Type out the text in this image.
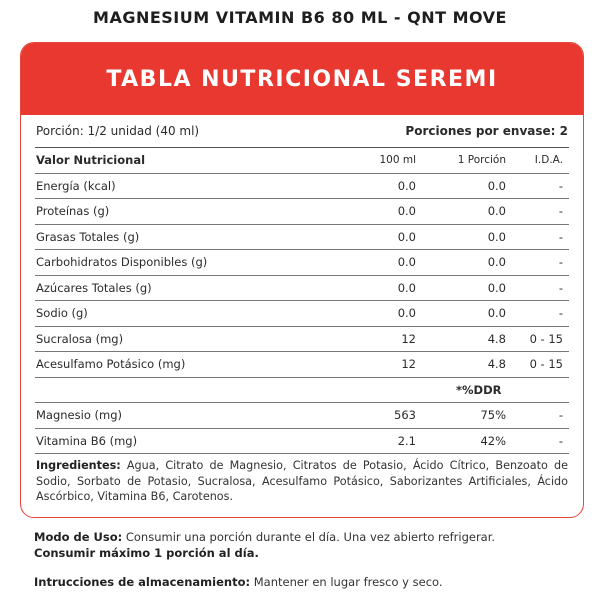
MAGNESIUM VITAMIN B6 80 ML - QNT MOVE
TABLA NUTRICIONAL SEREMI
Porción: 1/2 unidad (40 ml)	Porciones por envase: 2
Valor Nutricional	100 ml	1 Porción	I.D.A.
Energía (kcal)	0.0	0.0	-
Proteínas (g)	0.0	0.0	-
Grasas Totales (g)	0.0	0.0	-
Carbohidratos Disponibles (g)	0.0	0.0	-
Azúcares Totales (g)	0.0	0.0	-
Sodio (g)	0.0	0.0	-
Sucralosa (mg)	12	4.8	0 - 15
Acesulfamo Potásico (mg)	12	4.8	0 - 15
*%DDR
Magnesio (mg)	563	75%	-
Vitamina B6 (mg)	2.1	42%	-
Ingredientes: Agua, Citrato de Magnesio, Citratos de Potasio, Ácido Cítrico, Benzoato de Sodio, Sorbato de Potasio, Sucralosa, Acesulfamo Potásico, Saborizantes Artificiales, Ácido Ascórbico, Vitamina B6, Carotenos.
Modo de Uso: Consumir una porción durante el día. Una vez abierto refrigerar.
Consumir máximo 1 porción al día.
Intrucciones de almacenamiento: Mantener en lugar fresco y seco.
